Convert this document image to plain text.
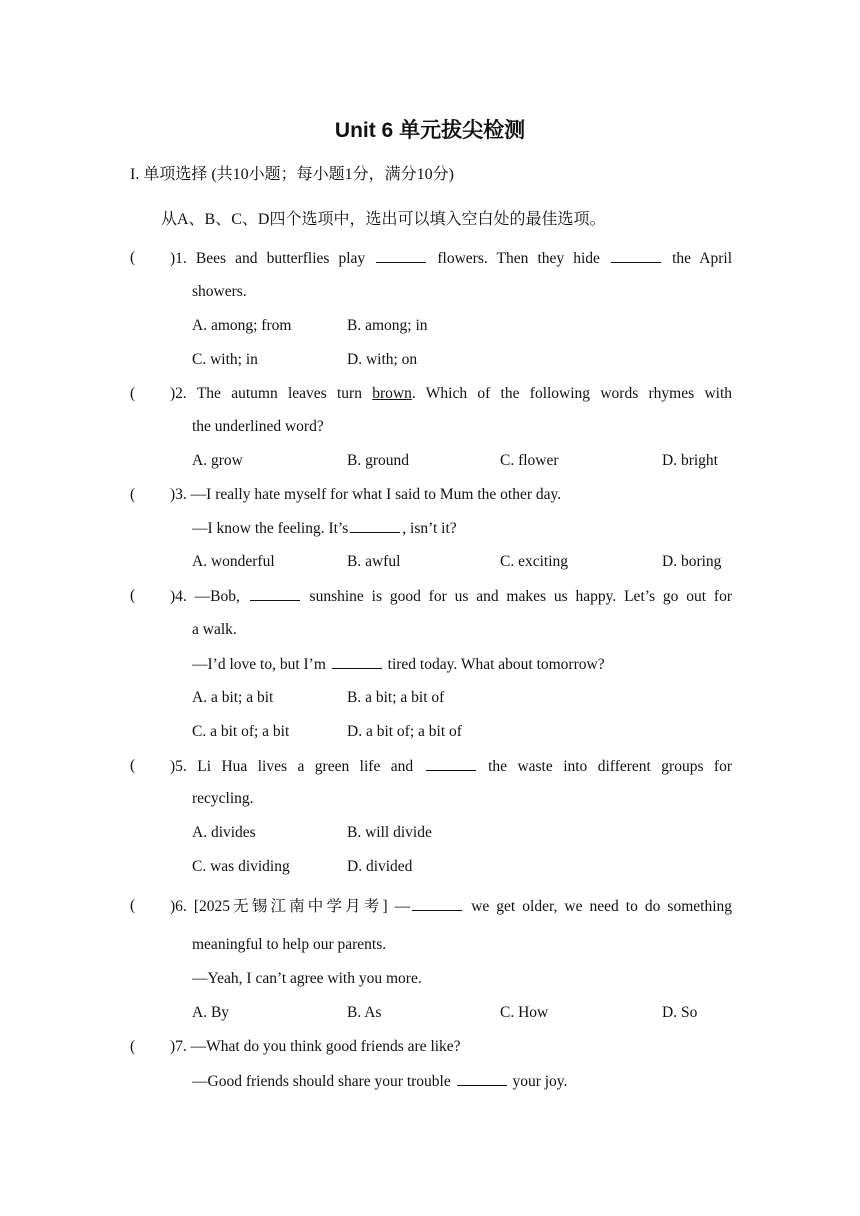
Unit 6 单元拔尖检测
I. 单项选择 (共10小题；每小题1分，满分10分)
从A、B、C、D四个选项中，选出可以填入空白处的最佳选项。
( )1. Bees and butterflies play	flowers. Then they hide	the April
showers.
A. among; from	B. among; in
C. with; in	D. with; on
( )2. The autumn leaves turn brown. Which of the following words rhymes with
the underlined word?
A. grow	B. ground	C. flower	D. bright
( )3. —I really hate myself for what I said to Mum the other day.
—I know the feeling. It’s	, isn’t it?
A. wonderful	B. awful	C. exciting	D. boring
( )4. —Bob,	sunshine is good for us and makes us happy. Let’s go out for
a walk.
—I’d love to, but I’m	tired today. What about tomorrow?
A. a bit; a bit	B. a bit; a bit of
C. a bit of; a bit	D. a bit of; a bit of
( )5. Li Hua lives a green life and	the waste into different groups for
recycling.
A. divides	B. will divide
C. was dividing	D. divided
( )6. [2025无锡江南中学月考] —	we get older, we need to do something
meaningful to help our parents.
—Yeah, I can’t agree with you more.
A. By	B. As	C. How	D. So
( )7. —What do you think good friends are like?
—Good friends should share your trouble	your joy.
